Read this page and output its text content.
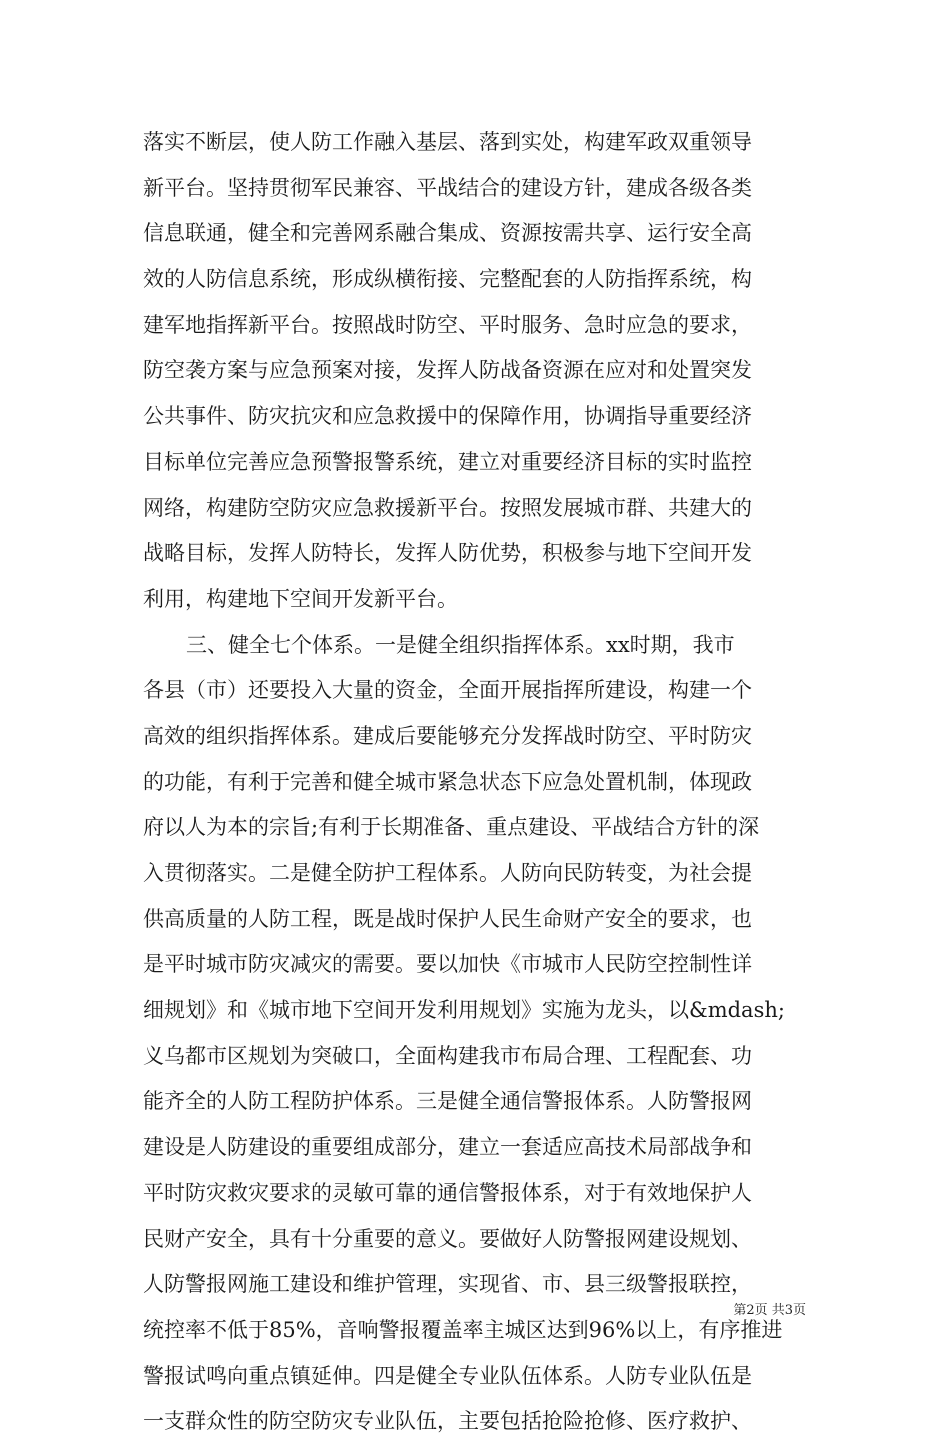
落实不断层，使人防工作融入基层、落到实处，构建军政双重领导
新平台。坚持贯彻军民兼容、平战结合的建设方针，建成各级各类
信息联通，健全和完善网系融合集成、资源按需共享、运行安全高
效的人防信息系统，形成纵横衔接、完整配套的人防指挥系统，构
建军地指挥新平台。按照战时防空、平时服务、急时应急的要求，
防空袭方案与应急预案对接，发挥人防战备资源在应对和处置突发
公共事件、防灾抗灾和应急救援中的保障作用，协调指导重要经济
目标单位完善应急预警报警系统，建立对重要经济目标的实时监控
网络，构建防空防灾应急救援新平台。按照发展城市群、共建大的
战略目标，发挥人防特长，发挥人防优势，积极参与地下空间开发
利用，构建地下空间开发新平台。
三、健全七个体系。一是健全组织指挥体系。xx时期，我市
各县（市）还要投入大量的资金，全面开展指挥所建设，构建一个
高效的组织指挥体系。建成后要能够充分发挥战时防空、平时防灾
的功能，有利于完善和健全城市紧急状态下应急处置机制，体现政
府以人为本的宗旨;有利于长期准备、重点建设、平战结合方针的深
入贯彻落实。二是健全防护工程体系。人防向民防转变，为社会提
供高质量的人防工程，既是战时保护人民生命财产安全的要求，也
是平时城市防灾减灾的需要。要以加快《市城市人民防空控制性详
细规划》和《城市地下空间开发利用规划》实施为龙头，以&mdash;
义乌都市区规划为突破口，全面构建我市布局合理、工程配套、功
能齐全的人防工程防护体系。三是健全通信警报体系。人防警报网
建设是人防建设的重要组成部分，建立一套适应高技术局部战争和
平时防灾救灾要求的灵敏可靠的通信警报体系，对于有效地保护人
民财产安全，具有十分重要的意义。要做好人防警报网建设规划、
人防警报网施工建设和维护管理，实现省、市、县三级警报联控，
统控率不低于85%，音响警报覆盖率主城区达到96%以上，有序推进
警报试鸣向重点镇延伸。四是健全专业队伍体系。人防专业队伍是
一支群众性的防空防灾专业队伍，主要包括抢险抢修、医疗救护、
第2页 共3页
